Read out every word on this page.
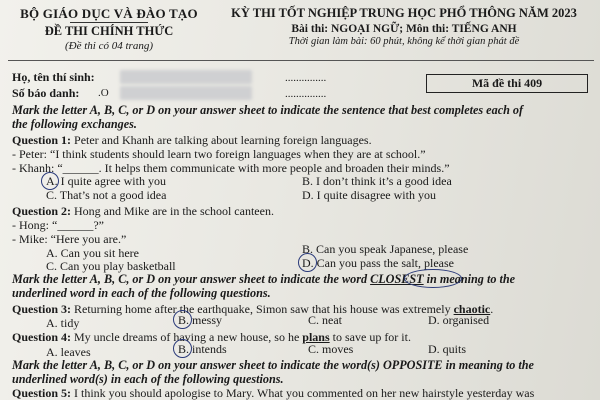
BỘ GIÁO DỤC VÀ ĐÀO TẠO
ĐỀ THI CHÍNH THỨC
(Đề thi có 04 trang)
KỲ THI TỐT NGHIỆP TRUNG HỌC PHỔ THÔNG NĂM 2023
Bài thi: NGOẠI NGỮ; Môn thi: TIẾNG ANH
Thời gian làm bài: 60 phút, không kể thời gian phát đề
Họ, tên thí sinh:	...............
Số báo danh: .O	...............
Mã đề thi 409
Mark the letter A, B, C, or D on your answer sheet to indicate the sentence that best completes each of
the following exchanges.
Question 1: Peter and Khanh are talking about learning foreign languages.
- Peter: “I think students should learn two foreign languages when they are at school.”
- Khanh: “______. It helps them communicate with more people and broaden their minds.”
A. I quite agree with you	B. I don’t think it’s a good idea
C. That’s not a good idea	D. I quite disagree with you
Question 2: Hong and Mike are in the school canteen.
- Hong: “______?”
- Mike: “Here you are.”
A. Can you sit here	B. Can you speak Japanese, please
C. Can you play basketball	D. Can you pass the salt, please
Mark the letter A, B, C, or D on your answer sheet to indicate the word CLOSEST in meaning to the
underlined word in each of the following questions.
Question 3: Returning home after the earthquake, Simon saw that his house was extremely chaotic.
A. tidy	B. messy	C. neat	D. organised
Question 4: My uncle dreams of having a new house, so he plans to save up for it.
A. leaves	B. intends	C. moves	D. quits
Mark the letter A, B, C, or D on your answer sheet to indicate the word(s) OPPOSITE in meaning to the
underlined word(s) in each of the following questions.
Question 5: I think you should apologise to Mary. What you commented on her new hairstyle yesterday was
